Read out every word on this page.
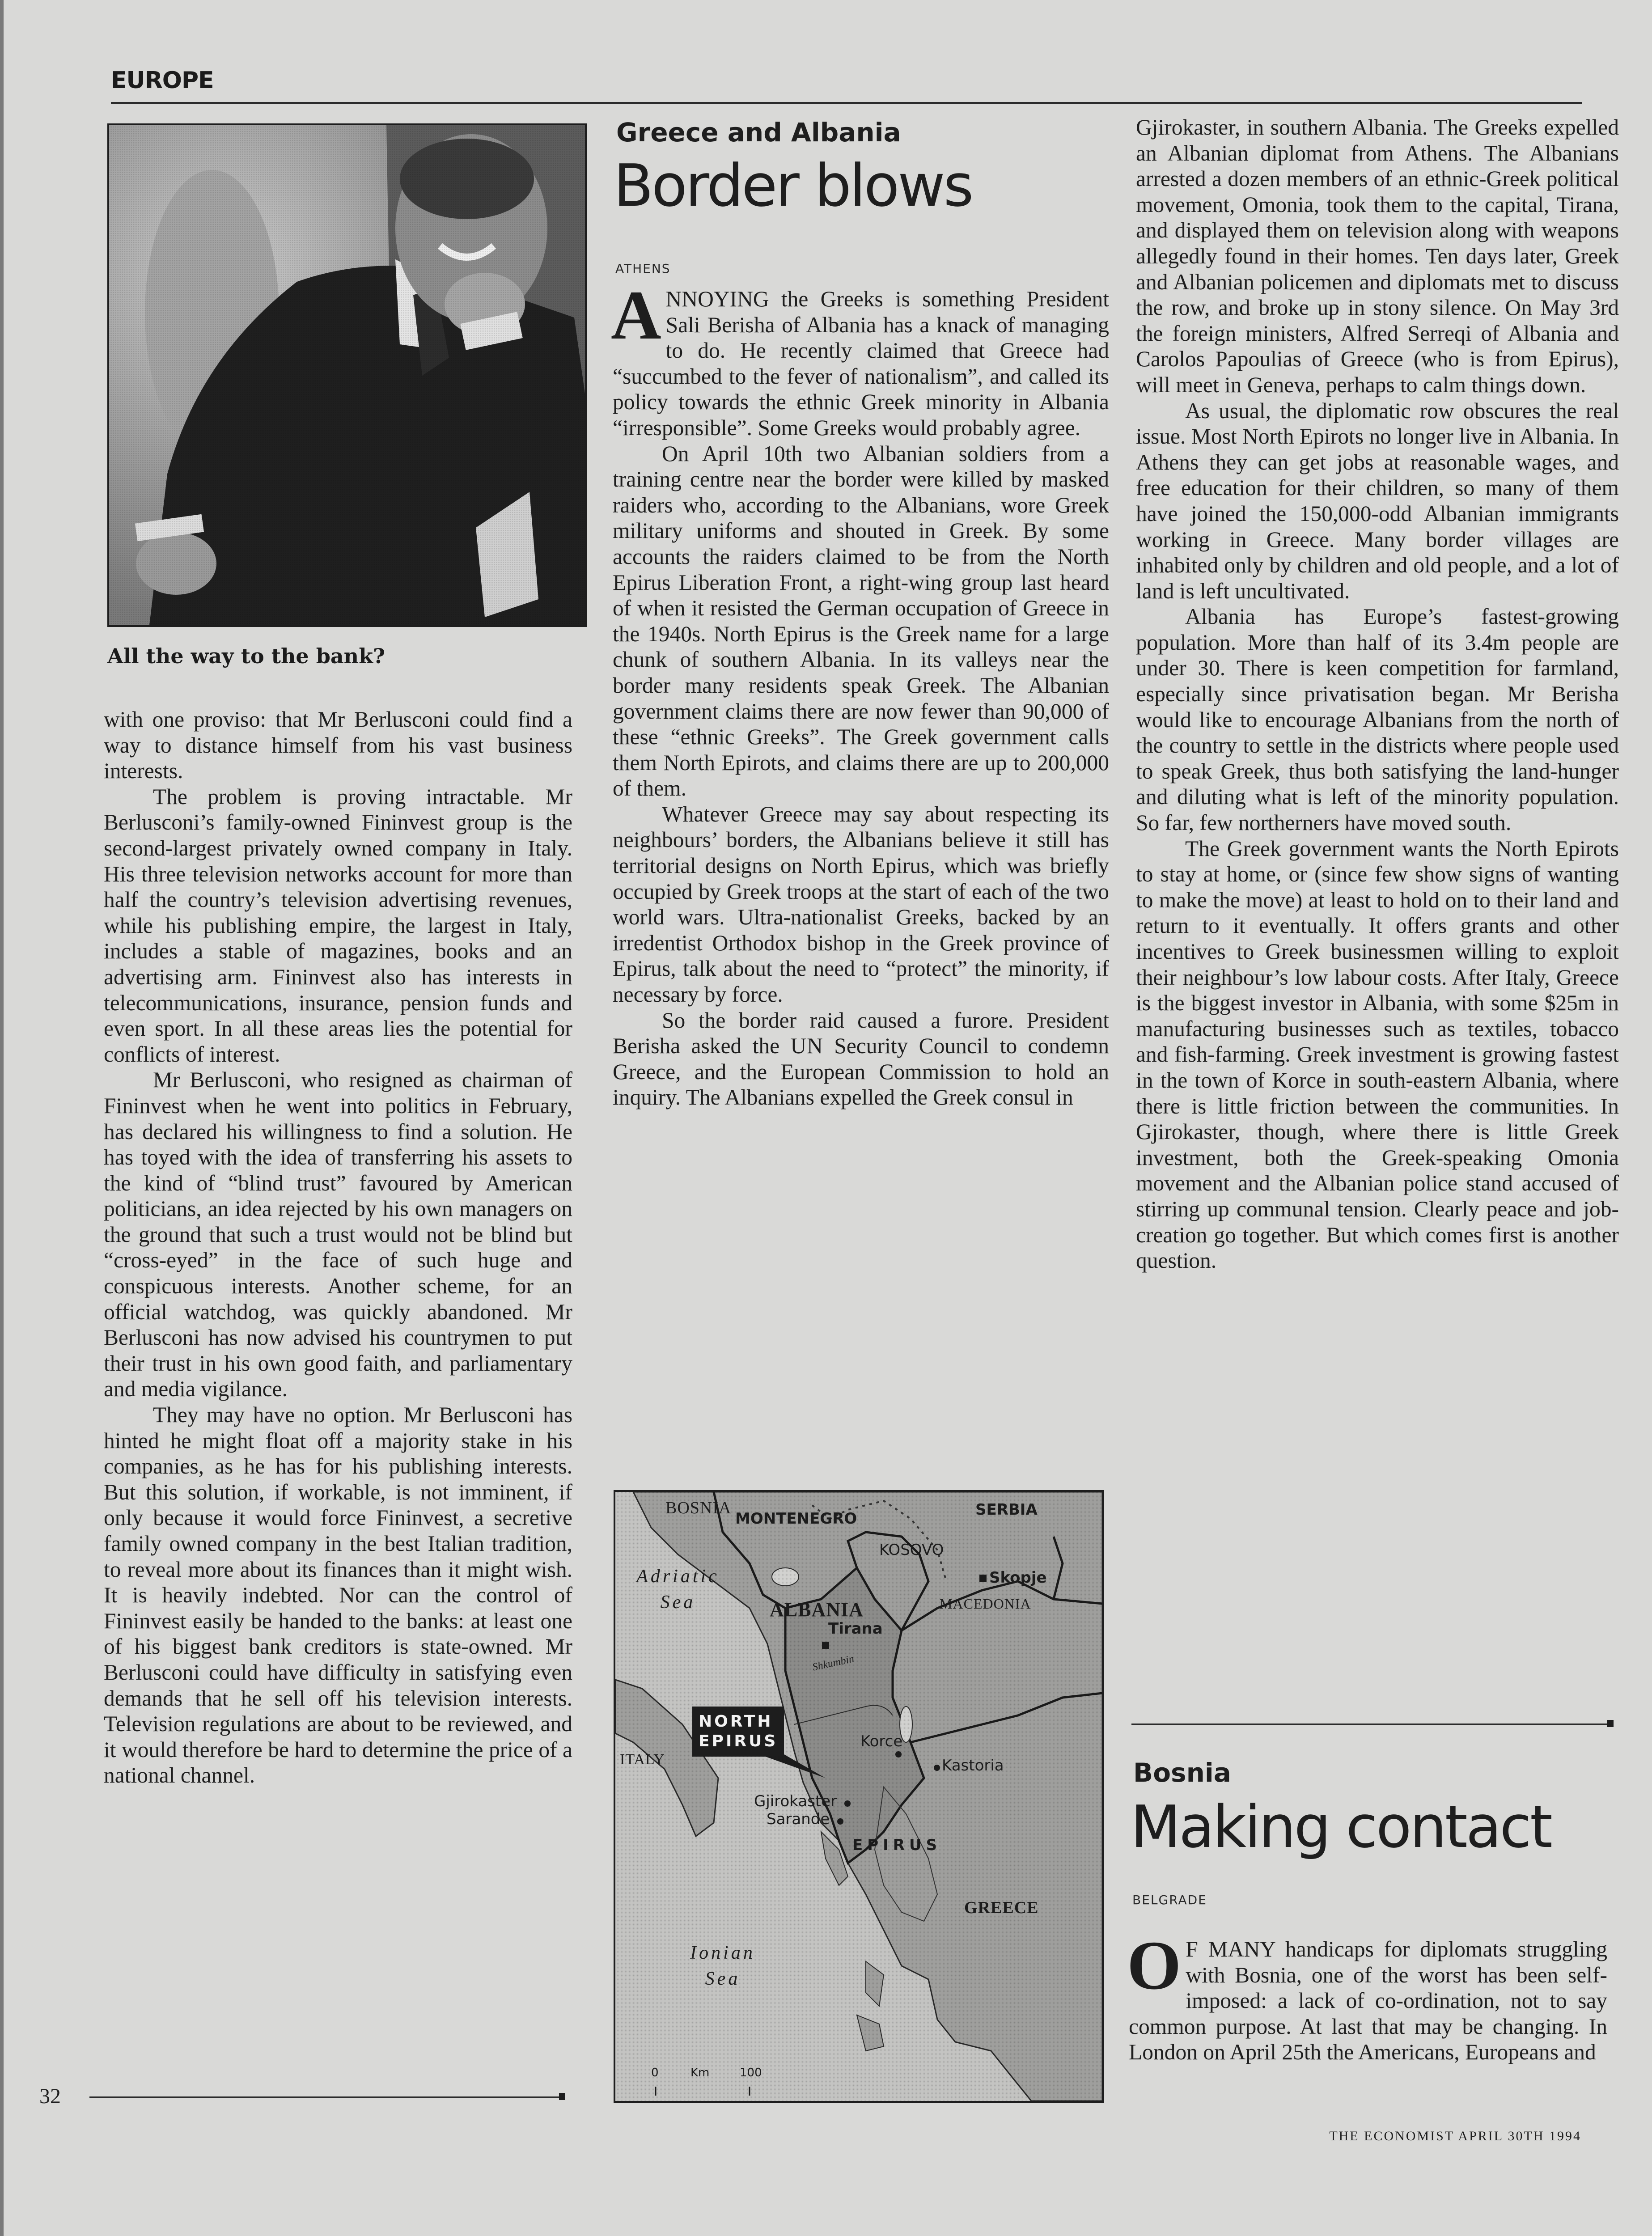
EUROPE
All the way to the bank?

with one proviso: that Mr Berlusconi could find a way to distance himself from his vast business interests.

The problem is proving intractable. Mr Berlusconi’s family-owned Fininvest group is the second-largest privately owned company in Italy. His three television networks account for more than half the country’s television advertising revenues, while his publishing empire, the largest in Italy, includes a stable of magazines, books and an advertising arm. Fininvest also has interests in telecommunications, insurance, pension funds and even sport. In all these areas lies the potential for conflicts of interest.

Mr Berlusconi, who resigned as chairman of Fininvest when he went into politics in February, has declared his willingness to find a solution. He has toyed with the idea of transferring his assets to the kind of “blind trust” favoured by American politicians, an idea rejected by his own managers on the ground that such a trust would not be blind but “cross-eyed” in the face of such huge and conspicuous interests. Another scheme, for an official watchdog, was quickly abandoned. Mr Berlusconi has now advised his countrymen to put their trust in his own good faith, and parliamentary and media vigilance.

They may have no option. Mr Berlusconi has hinted he might float off a majority stake in his companies, as he has for his publishing interests. But this solution, if workable, is not imminent, if only because it would force Fininvest, a secretive family owned company in the best Italian tradition, to reveal more about its finances than it might wish. It is heavily indebted. Nor can the control of Fininvest easily be handed to the banks: at least one of his biggest bank creditors is state-owned. Mr Berlusconi could have difficulty in satisfying even demands that he sell off his television interests. Television regulations are about to be reviewed, and it would therefore be hard to determine the price of a national channel.

32
Greece and Albania
Border blows
ATHENS

ANNOYING the Greeks is something President Sali Berisha of Albania has a knack of managing to do. He recently claimed that Greece had “succumbed to the fever of nationalism”, and called its policy towards the ethnic Greek minority in Albania “irresponsible”. Some Greeks would probably agree.

On April 10th two Albanian soldiers from a training centre near the border were killed by masked raiders who, according to the Albanians, wore Greek military uniforms and shouted in Greek. By some accounts the raiders claimed to be from the North Epirus Liberation Front, a right-wing group last heard of when it resisted the German occupation of Greece in the 1940s. North Epirus is the Greek name for a large chunk of southern Albania. In its valleys near the border many residents speak Greek. The Albanian government claims there are now fewer than 90,000 of these “ethnic Greeks”. The Greek government calls them North Epirots, and claims there are up to 200,000 of them.

Whatever Greece may say about respecting its neighbours’ borders, the Albanians believe it still has territorial designs on North Epirus, which was briefly occupied by Greek troops at the start of each of the two world wars. Ultra-nationalist Greeks, backed by an irredentist Orthodox bishop in the Greek province of Epirus, talk about the need to “protect” the minority, if necessary by force.

So the border raid caused a furore. President Berisha asked the UN Security Council to condemn Greece, and the European Commission to hold an inquiry. The Albanians expelled the Greek consul in

BOSNIA
MONTENEGRO	SERBIA
KOSOVO
Adriatic
Sea
Skopje
MACEDONIA
ALBANIA
Tirana
Shkumbin
NORTH
EPIRUS
ITALY
Korce
Kastoria
Gjirokaster
Sarande
EPIRUS
GREECE
Ionian
Sea
0	Km	100

Gjirokaster, in southern Albania. The Greeks expelled an Albanian diplomat from Athens. The Albanians arrested a dozen members of an ethnic-Greek political movement, Omonia, took them to the capital, Tirana, and displayed them on television along with weapons allegedly found in their homes. Ten days later, Greek and Albanian policemen and diplomats met to discuss the row, and broke up in stony silence. On May 3rd the foreign ministers, Alfred Serreqi of Albania and Carolos Papoulias of Greece (who is from Epirus), will meet in Geneva, perhaps to calm things down.

As usual, the diplomatic row obscures the real issue. Most North Epirots no longer live in Albania. In Athens they can get jobs at reasonable wages, and free education for their children, so many of them have joined the 150,000-odd Albanian immigrants working in Greece. Many border villages are inhabited only by children and old people, and a lot of land is left uncultivated.

Albania has Europe’s fastest-growing population. More than half of its 3.4m people are under 30. There is keen competition for farmland, especially since privatisation began. Mr Berisha would like to encourage Albanians from the north of the country to settle in the districts where people used to speak Greek, thus both satisfying the land-hunger and diluting what is left of the minority population. So far, few northerners have moved south.

The Greek government wants the North Epirots to stay at home, or (since few show signs of wanting to make the move) at least to hold on to their land and return to it eventually. It offers grants and other incentives to Greek businessmen willing to exploit their neighbour’s low labour costs. After Italy, Greece is the biggest investor in Albania, with some $25m in manufacturing businesses such as textiles, tobacco and fish-farming. Greek investment is growing fastest in the town of Korce in south-eastern Albania, where there is little friction between the communities. In Gjirokaster, though, where there is little Greek investment, both the Greek-speaking Omonia movement and the Albanian police stand accused of stirring up communal tension. Clearly peace and job-creation go together. But which comes first is another question.

Bosnia
Making contact
BELGRADE

O F MANY handicaps for diplomats struggling with Bosnia, one of the worst has been self-imposed: a lack of co-ordination, not to say common purpose. At last that may be changing. In London on April 25th the Americans, Europeans and

THE ECONOMIST APRIL 30TH 1994
